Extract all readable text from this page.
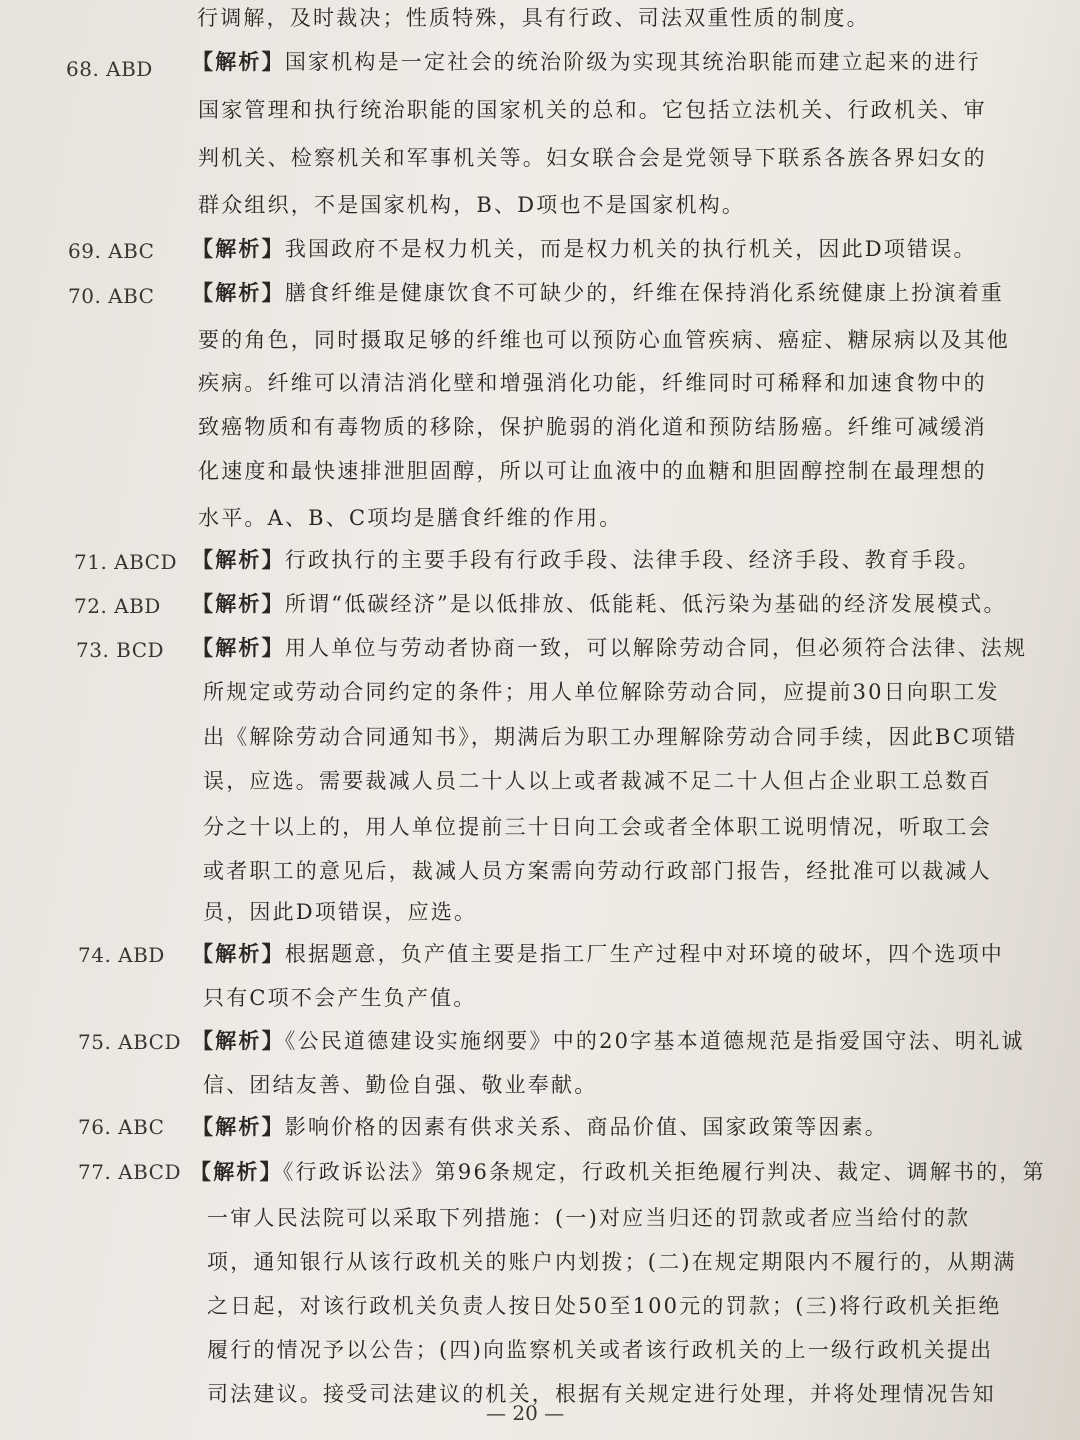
行调解，及时裁决；性质特殊，具有行政、司法双重性质的制度。
68. ABD 【解析】国家机构是一定社会的统治阶级为实现其统治职能而建立起来的进行
国家管理和执行统治职能的国家机关的总和。它包括立法机关、行政机关、审
判机关、检察机关和军事机关等。妇女联合会是党领导下联系各族各界妇女的
群众组织，不是国家机构，B、D项也不是国家机构。
69. ABC 【解析】我国政府不是权力机关，而是权力机关的执行机关，因此D项错误。
70. ABC 【解析】膳食纤维是健康饮食不可缺少的，纤维在保持消化系统健康上扮演着重
要的角色，同时摄取足够的纤维也可以预防心血管疾病、癌症、糖尿病以及其他
疾病。纤维可以清洁消化壁和增强消化功能，纤维同时可稀释和加速食物中的
致癌物质和有毒物质的移除，保护脆弱的消化道和预防结肠癌。纤维可减缓消
化速度和最快速排泄胆固醇，所以可让血液中的血糖和胆固醇控制在最理想的
水平。A、B、C项均是膳食纤维的作用。
71. ABCD 【解析】行政执行的主要手段有行政手段、法律手段、经济手段、教育手段。
72. ABD 【解析】所谓“低碳经济”是以低排放、低能耗、低污染为基础的经济发展模式。
73. BCD 【解析】用人单位与劳动者协商一致，可以解除劳动合同，但必须符合法律、法规
所规定或劳动合同约定的条件；用人单位解除劳动合同，应提前30日向职工发
出《解除劳动合同通知书》，期满后为职工办理解除劳动合同手续，因此BC项错
误，应选。需要裁减人员二十人以上或者裁减不足二十人但占企业职工总数百
分之十以上的，用人单位提前三十日向工会或者全体职工说明情况，听取工会
或者职工的意见后，裁减人员方案需向劳动行政部门报告，经批准可以裁减人
员，因此D项错误，应选。
74. ABD 【解析】根据题意，负产值主要是指工厂生产过程中对环境的破坏，四个选项中
只有C项不会产生负产值。
75. ABCD 【解析】《公民道德建设实施纲要》中的20字基本道德规范是指爱国守法、明礼诚
信、团结友善、勤俭自强、敬业奉献。
76. ABC 【解析】影响价格的因素有供求关系、商品价值、国家政策等因素。
77. ABCD 【解析】《行政诉讼法》第96条规定，行政机关拒绝履行判决、裁定、调解书的，第
一审人民法院可以采取下列措施：(一)对应当归还的罚款或者应当给付的款
项，通知银行从该行政机关的账户内划拨；(二)在规定期限内不履行的，从期满
之日起，对该行政机关负责人按日处50至100元的罚款；(三)将行政机关拒绝
履行的情况予以公告；(四)向监察机关或者该行政机关的上一级行政机关提出
司法建议。接受司法建议的机关，根据有关规定进行处理，并将处理情况告知
— 20 —
